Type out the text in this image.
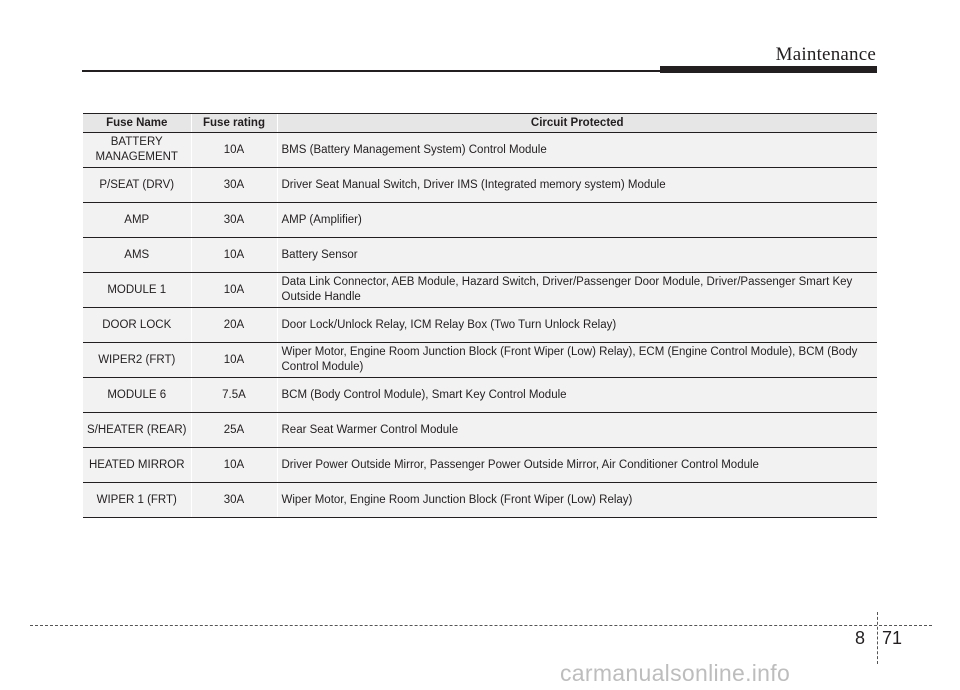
Maintenance
Fuse Name	Fuse rating	Circuit Protected
BATTERY MANAGEMENT	10A	BMS (Battery Management System) Control Module
P/SEAT (DRV)	30A	Driver Seat Manual Switch, Driver IMS (Integrated memory system) Module
AMP	30A	AMP (Amplifier)
AMS	10A	Battery Sensor
MODULE 1	10A	Data Link Connector, AEB Module, Hazard Switch, Driver/Passenger Door Module, Driver/Passenger Smart Key Outside Handle
DOOR LOCK	20A	Door Lock/Unlock Relay, ICM Relay Box (Two Turn Unlock Relay)
WIPER2 (FRT)	10A	Wiper Motor, Engine Room Junction Block (Front Wiper (Low) Relay), ECM (Engine Control Module), BCM (Body Control Module)
MODULE 6	7.5A	BCM (Body Control Module), Smart Key Control Module
S/HEATER (REAR)	25A	Rear Seat Warmer Control Module
HEATED MIRROR	10A	Driver Power Outside Mirror, Passenger Power Outside Mirror, Air Conditioner Control Module
WIPER 1 (FRT)	30A	Wiper Motor, Engine Room Junction Block (Front Wiper (Low) Relay)
8 71
carmanualsonline.info
